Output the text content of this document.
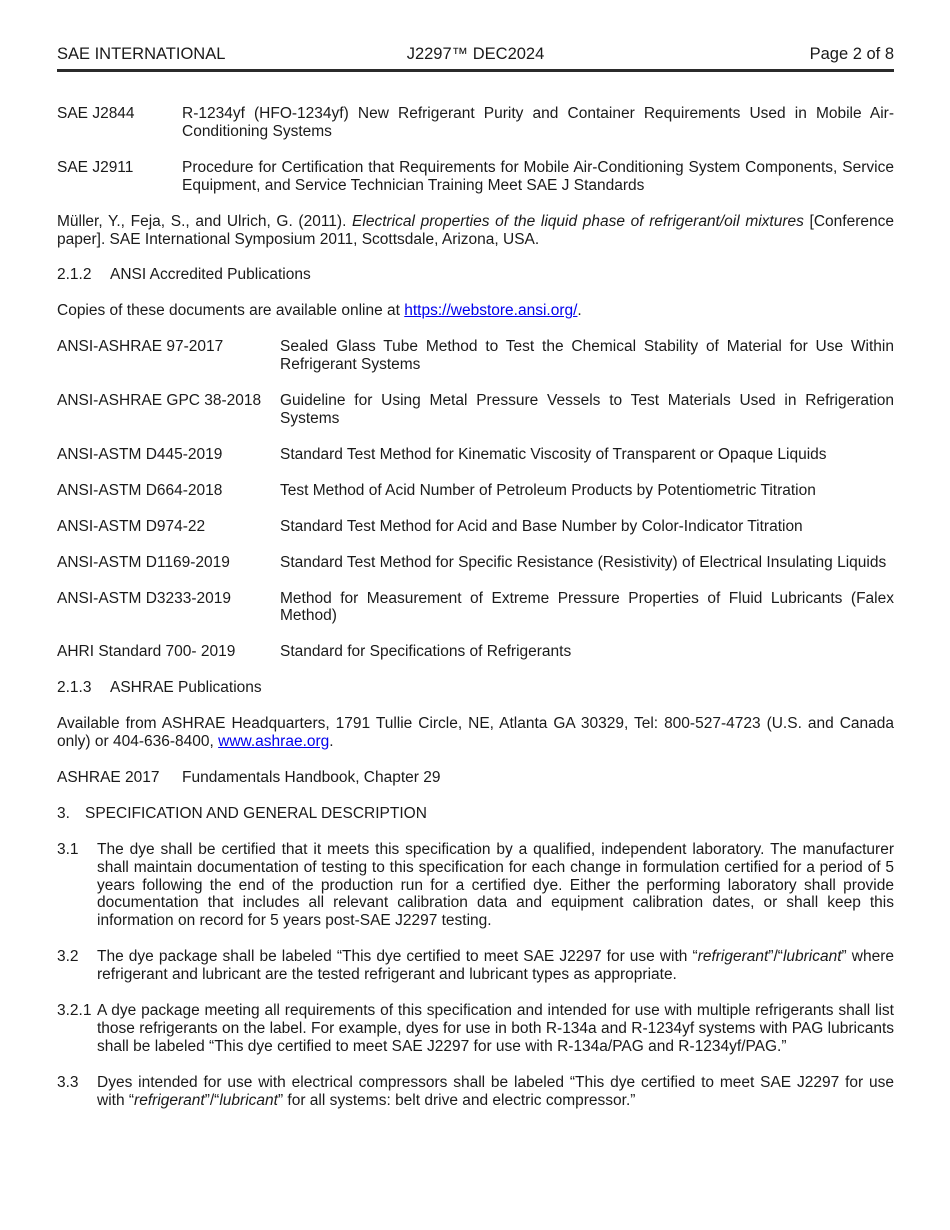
SAE INTERNATIONAL	J2297™ DEC2024	Page 2 of 8
SAE J2844	R-1234yf (HFO-1234yf) New Refrigerant Purity and Container Requirements Used in Mobile Air-Conditioning Systems
SAE J2911	Procedure for Certification that Requirements for Mobile Air-Conditioning System Components, Service Equipment, and Service Technician Training Meet SAE J Standards
Müller, Y., Feja, S., and Ulrich, G. (2011). Electrical properties of the liquid phase of refrigerant/oil mixtures [Conference paper]. SAE International Symposium 2011, Scottsdale, Arizona, USA.
2.1.2	ANSI Accredited Publications
Copies of these documents are available online at https://webstore.ansi.org/.
ANSI-ASHRAE 97-2017	Sealed Glass Tube Method to Test the Chemical Stability of Material for Use Within Refrigerant Systems
ANSI-ASHRAE GPC 38-2018	Guideline for Using Metal Pressure Vessels to Test Materials Used in Refrigeration Systems
ANSI-ASTM D445-2019	Standard Test Method for Kinematic Viscosity of Transparent or Opaque Liquids
ANSI-ASTM D664-2018	Test Method of Acid Number of Petroleum Products by Potentiometric Titration
ANSI-ASTM D974-22	Standard Test Method for Acid and Base Number by Color-Indicator Titration
ANSI-ASTM D1169-2019	Standard Test Method for Specific Resistance (Resistivity) of Electrical Insulating Liquids
ANSI-ASTM D3233-2019	Method for Measurement of Extreme Pressure Properties of Fluid Lubricants (Falex Method)
AHRI Standard 700- 2019	Standard for Specifications of Refrigerants
2.1.3	ASHRAE Publications
Available from ASHRAE Headquarters, 1791 Tullie Circle, NE, Atlanta GA 30329, Tel: 800-527-4723 (U.S. and Canada only) or 404-636-8400, www.ashrae.org.
ASHRAE 2017	Fundamentals Handbook, Chapter 29
3. SPECIFICATION AND GENERAL DESCRIPTION
3.1	The dye shall be certified that it meets this specification by a qualified, independent laboratory. The manufacturer shall maintain documentation of testing to this specification for each change in formulation certified for a period of 5 years following the end of the production run for a certified dye. Either the performing laboratory shall provide documentation that includes all relevant calibration data and equipment calibration dates, or shall keep this information on record for 5 years post-SAE J2297 testing.
3.2	The dye package shall be labeled “This dye certified to meet SAE J2297 for use with “refrigerant”/“lubricant” where refrigerant and lubricant are the tested refrigerant and lubricant types as appropriate.
3.2.1 A dye package meeting all requirements of this specification and intended for use with multiple refrigerants shall list those refrigerants on the label. For example, dyes for use in both R-134a and R-1234yf systems with PAG lubricants shall be labeled “This dye certified to meet SAE J2297 for use with R-134a/PAG and R-1234yf/PAG.”
3.3	Dyes intended for use with electrical compressors shall be labeled “This dye certified to meet SAE J2297 for use with “refrigerant”/“lubricant” for all systems: belt drive and electric compressor.”
